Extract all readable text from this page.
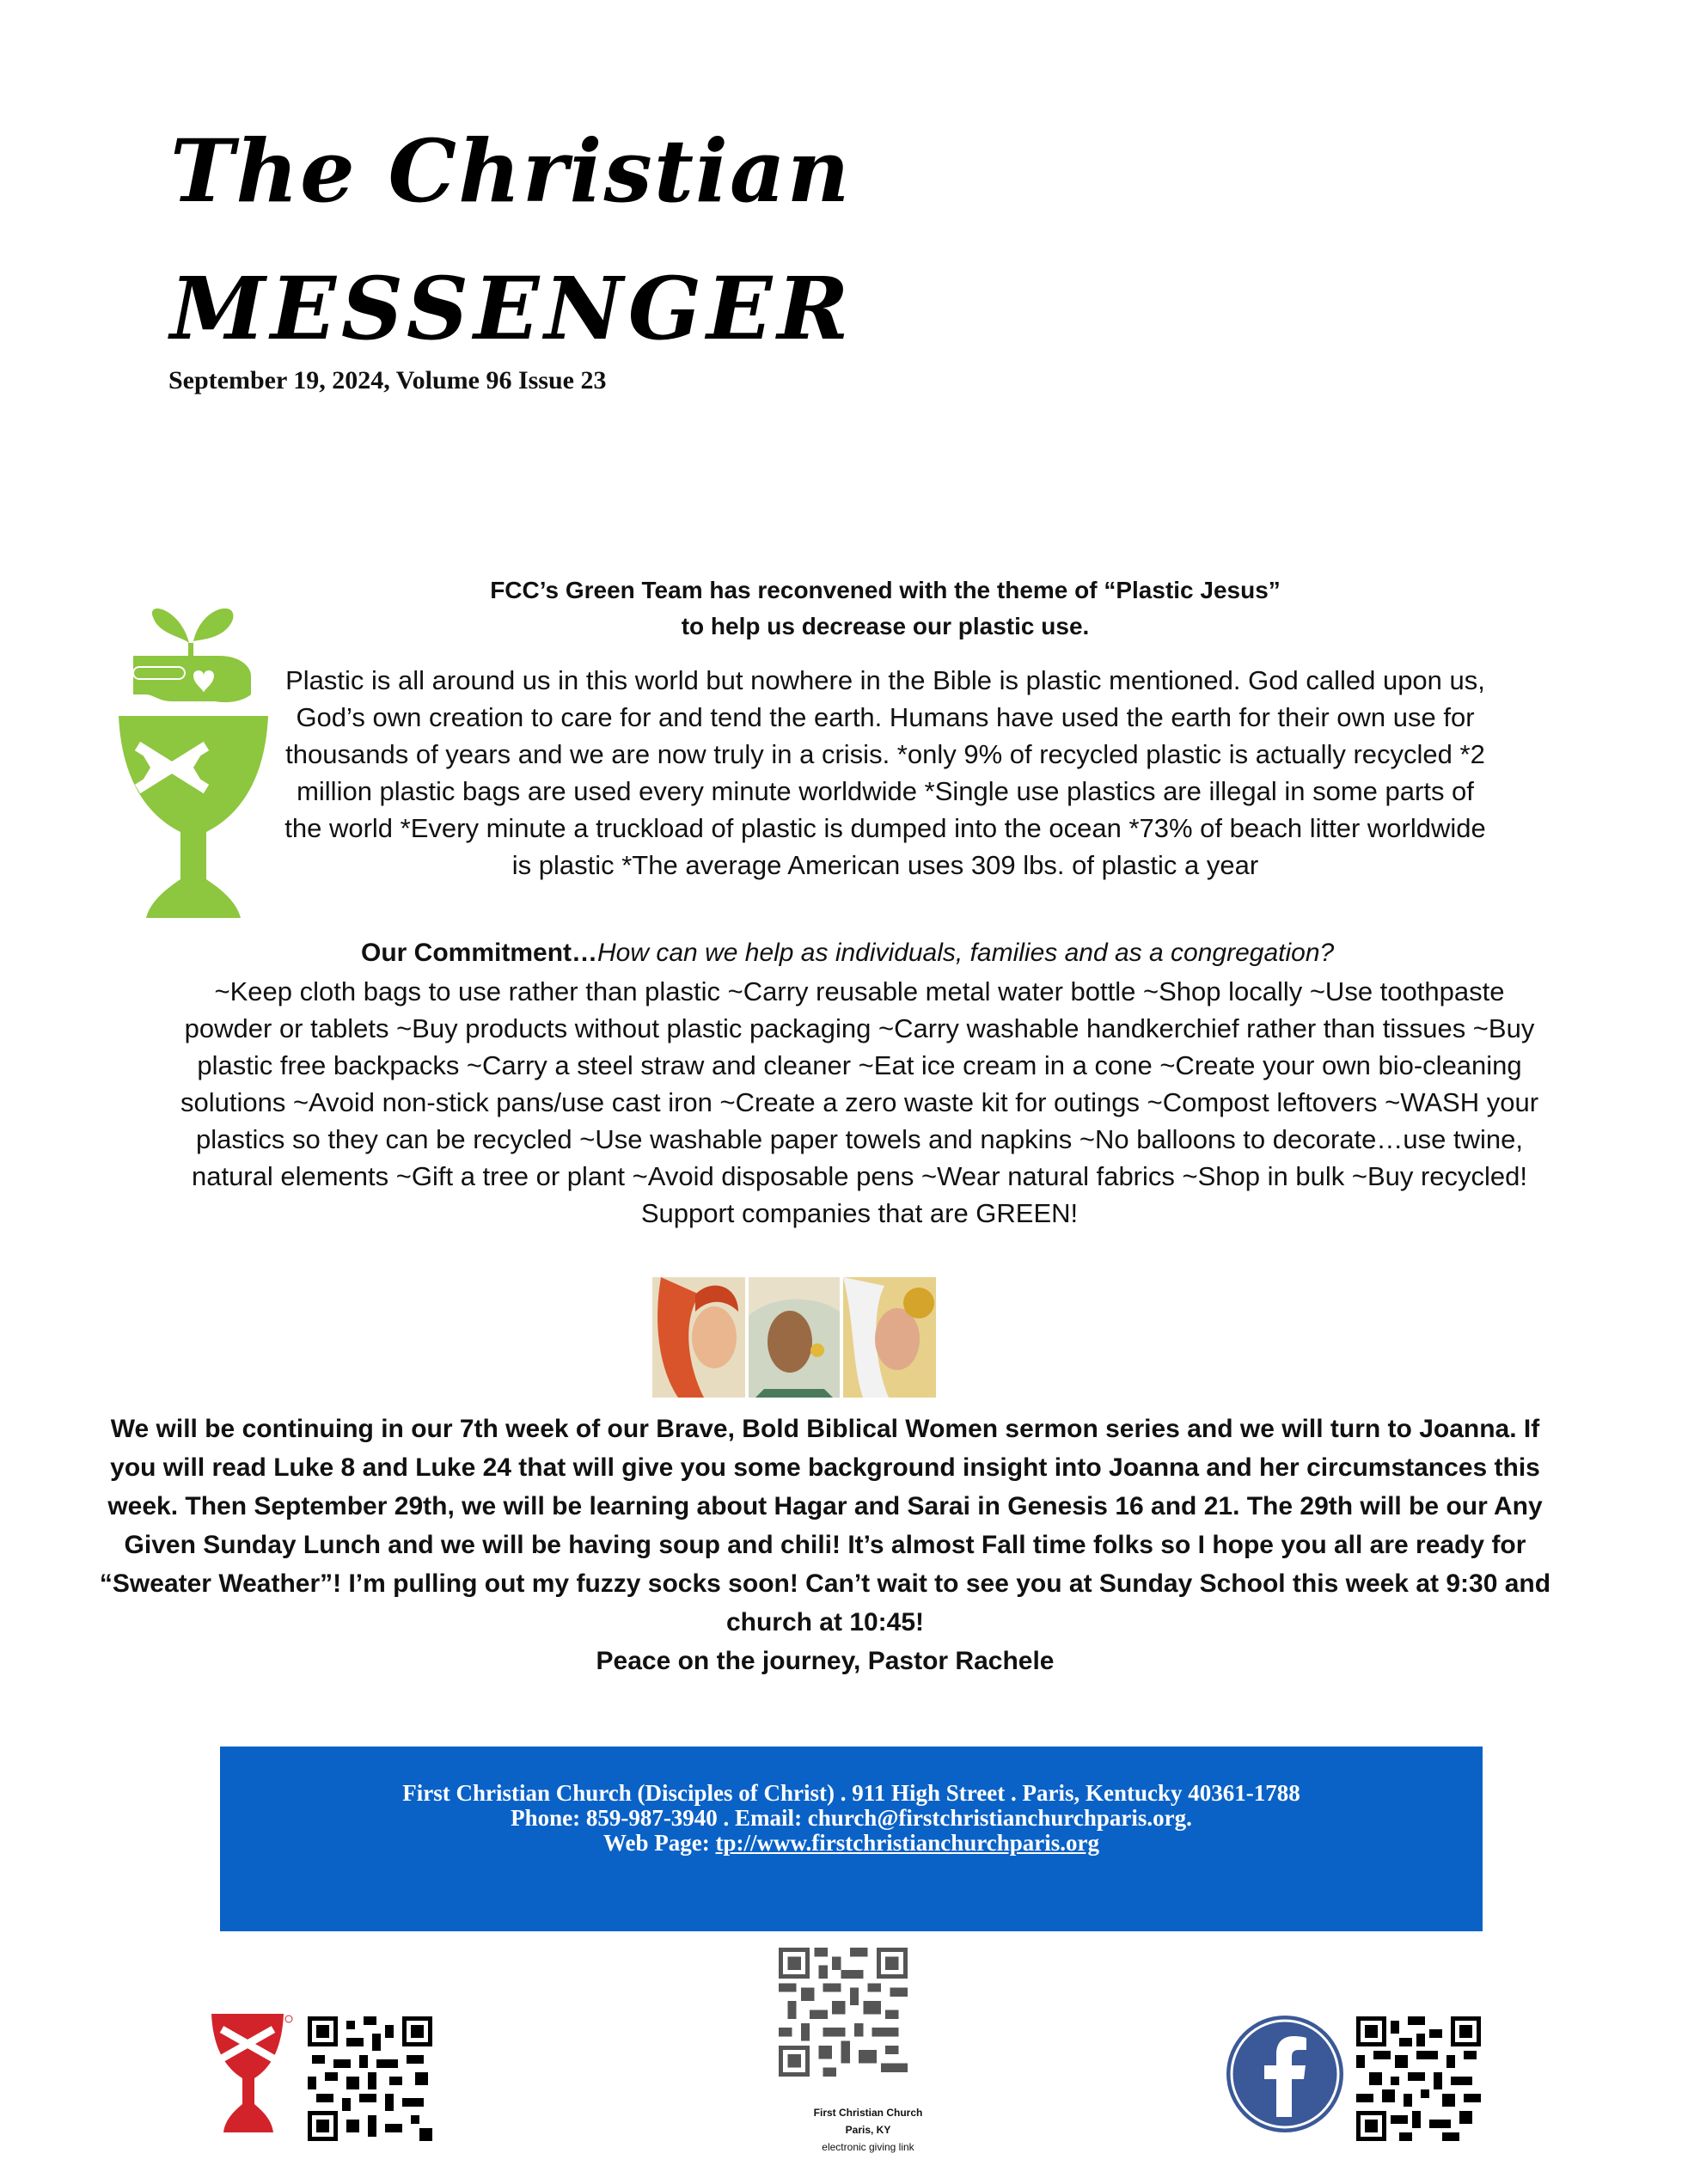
The Christian
MESSENGER
September 19, 2024, Volume 96 Issue 23
FCC’s Green Team has reconvened with the theme of “Plastic Jesus”
to help us decrease our plastic use.
Plastic is all around us in this world but nowhere in the Bible is plastic mentioned. God called upon us, God’s own creation to care for and tend the earth. Humans have used the earth for their own use for thousands of years and we are now truly in a crisis. *only 9% of recycled plastic is actually recycled *2 million plastic bags are used every minute worldwide *Single use plastics are illegal in some parts of the world *Every minute a truckload of plastic is dumped into the ocean *73% of beach litter worldwide is plastic *The average American uses 309 lbs. of plastic a year
Our Commitment…How can we help as individuals, families and as a congregation?
~Keep cloth bags to use rather than plastic ~Carry reusable metal water bottle ~Shop locally ~Use toothpaste powder or tablets ~Buy products without plastic packaging ~Carry washable handkerchief rather than tissues ~Buy plastic free backpacks ~Carry a steel straw and cleaner ~Eat ice cream in a cone ~Create your own bio-cleaning solutions ~Avoid non-stick pans/use cast iron ~Create a zero waste kit for outings ~Compost leftovers ~WASH your plastics so they can be recycled ~Use washable paper towels and napkins ~No balloons to decorate…use twine, natural elements ~Gift a tree or plant ~Avoid disposable pens ~Wear natural fabrics ~Shop in bulk ~Buy recycled! Support companies that are GREEN!
We will be continuing in our 7th week of our Brave, Bold Biblical Women sermon series and we will turn to Joanna. If you will read Luke 8 and Luke 24 that will give you some background insight into Joanna and her circumstances this week. Then September 29th, we will be learning about Hagar and Sarai in Genesis 16 and 21. The 29th will be our Any Given Sunday Lunch and we will be having soup and chili! It’s almost Fall time folks so I hope you all are ready for “Sweater Weather”! I’m pulling out my fuzzy socks soon! Can’t wait to see you at Sunday School this week at 9:30 and church at 10:45!
Peace on the journey, Pastor Rachele
First Christian Church (Disciples of Christ) . 911 High Street . Paris, Kentucky 40361-1788
Phone: 859-987-3940 . Email: church@firstchristianchurchparis.org.
Web Page: tp://www.firstchristianchurchparis.org
First Christian Church
Paris, KY
electronic giving link
